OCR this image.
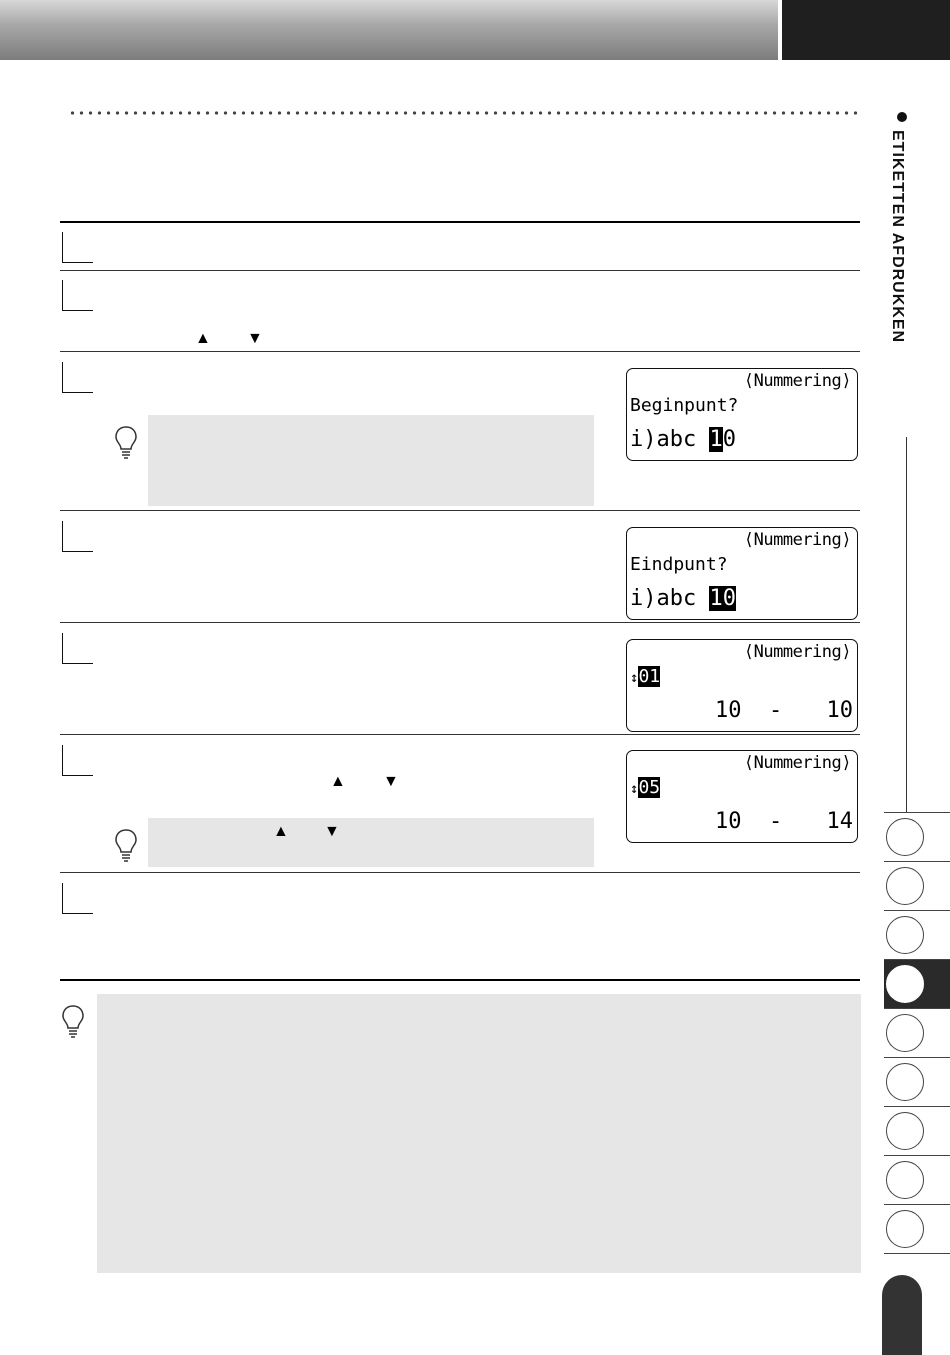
▲ ▼
⟨Nummering⟩
Beginpunt?
i)abc 10
⟨Nummering⟩
Eindpunt?
i)abc 10
⟨Nummering⟩
↕01
10 - 10
▲ ▼
▲ ▼
⟨Nummering⟩
↕05
10 - 14
ETIKETTEN AFDRUKKEN
